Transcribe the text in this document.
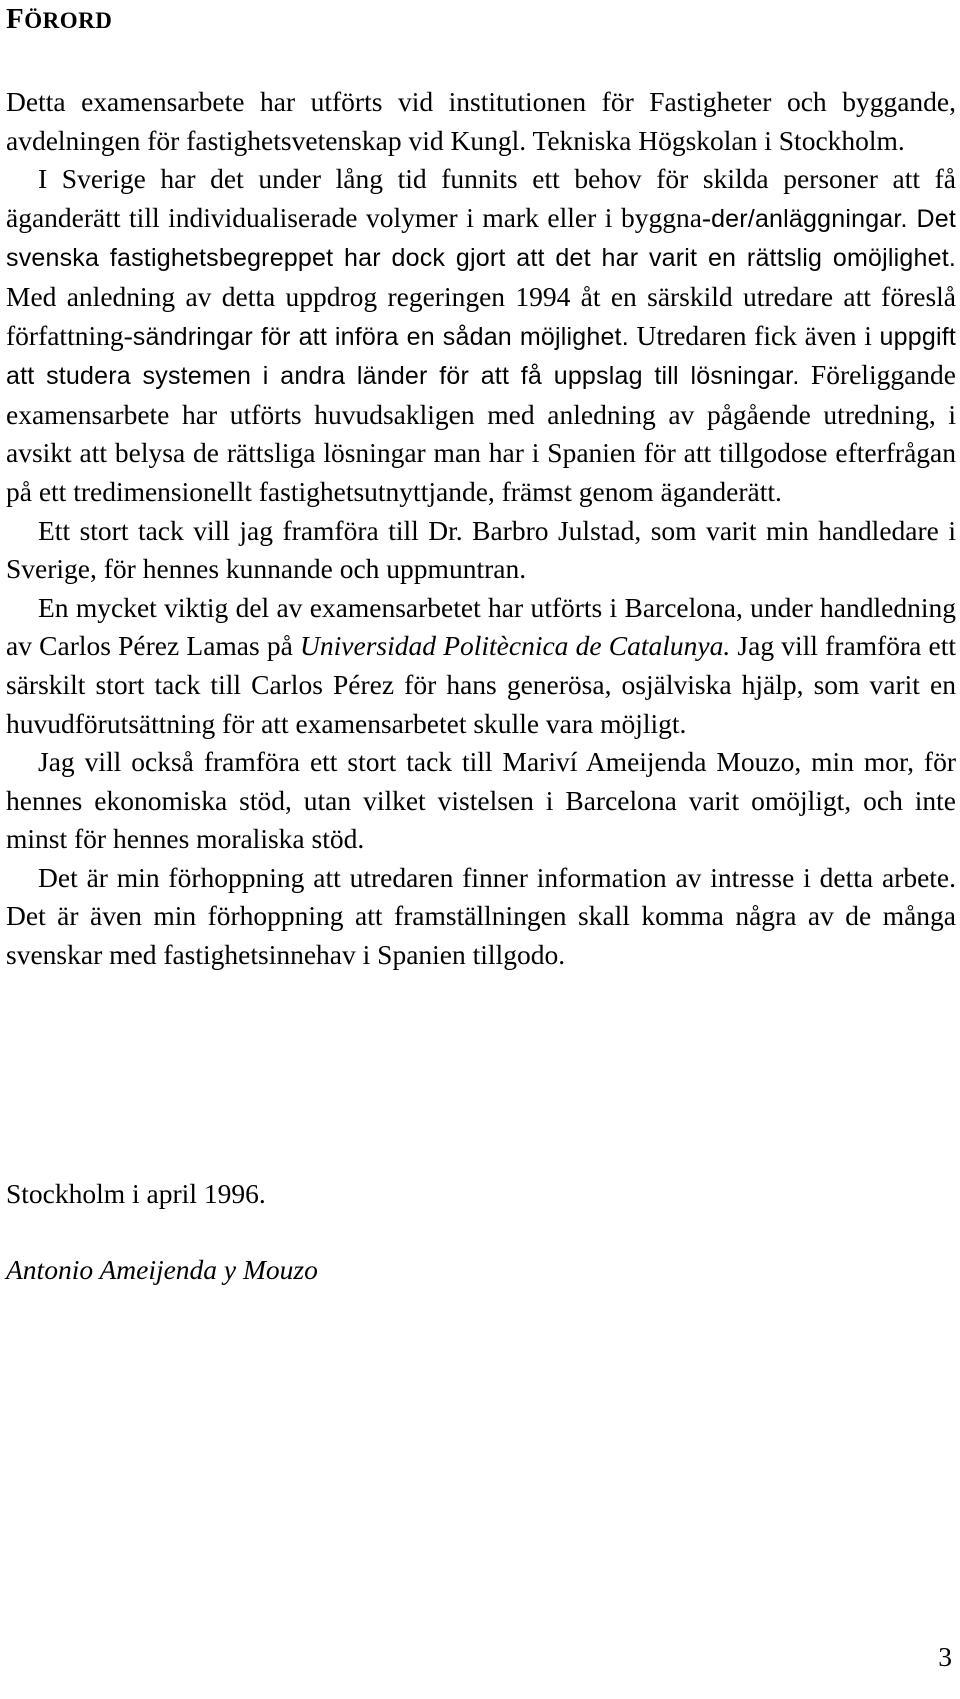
FÖRORD

Detta examensarbete har utförts vid institutionen för Fastigheter och byggande, avdelningen för fastighetsvetenskap vid Kungl. Tekniska Högskolan i Stockholm.

I Sverige har det under lång tid funnits ett behov för skilda personer att få äganderätt till individualiserade volymer i mark eller i byggna-der/anläggningar. Det svenska fastighetsbegreppet har dock gjort att det har varit en rättslig omöjlighet. Med anledning av detta uppdrog regeringen 1994 åt en särskild utredare att föreslå författning-sändringar för att införa en sådan möjlighet. Utredaren fick även i uppgift att studera systemen i andra länder för att få uppslag till lösningar. Föreliggande examensarbete har utförts huvudsakligen med anledning av pågående utredning, i avsikt att belysa de rättsliga lösningar man har i Spanien för att tillgodose efterfrågan på ett tredimensionellt fastighetsutnyttjande, främst genom äganderätt.

Ett stort tack vill jag framföra till Dr. Barbro Julstad, som varit min handledare i Sverige, för hennes kunnande och uppmuntran.

En mycket viktig del av examensarbetet har utförts i Barcelona, under handledning av Carlos Pérez Lamas på Universidad Politècnica de Catalunya. Jag vill framföra ett särskilt stort tack till Carlos Pérez för hans generösa, osjälviska hjälp, som varit en huvudförutsättning för att examensarbetet skulle vara möjligt.

Jag vill också framföra ett stort tack till Mariví Ameijenda Mouzo, min mor, för hennes ekonomiska stöd, utan vilket vistelsen i Barcelona varit omöjligt, och inte minst för hennes moraliska stöd.

Det är min förhoppning att utredaren finner information av intresse i detta arbete. Det är även min förhoppning att framställningen skall komma några av de många svenskar med fastighetsinnehav i Spanien tillgodo.

Stockholm i april 1996.

Antonio Ameijenda y Mouzo

3
